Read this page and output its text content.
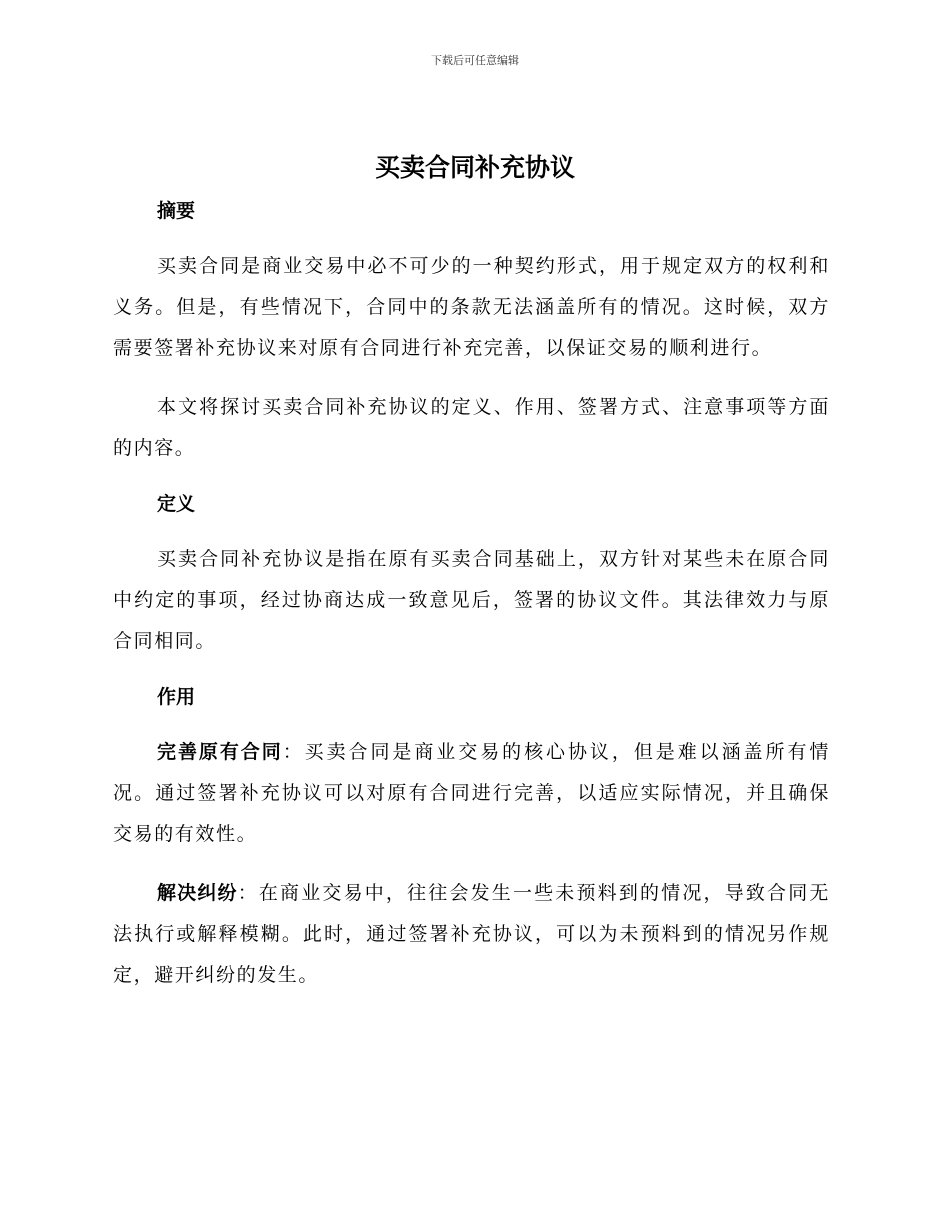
下载后可任意编辑
买卖合同补充协议
摘要
买卖合同是商业交易中必不可少的一种契约形式，用于规定双方的权利和义务。但是，有些情况下，合同中的条款无法涵盖所有的情况。这时候，双方需要签署补充协议来对原有合同进行补充完善，以保证交易的顺利进行。
本文将探讨买卖合同补充协议的定义、作用、签署方式、注意事项等方面的内容。
定义
买卖合同补充协议是指在原有买卖合同基础上，双方针对某些未在原合同中约定的事项，经过协商达成一致意见后，签署的协议文件。其法律效力与原合同相同。
作用
完善原有合同：买卖合同是商业交易的核心协议，但是难以涵盖所有情况。通过签署补充协议可以对原有合同进行完善，以适应实际情况，并且确保交易的有效性。
解决纠纷：在商业交易中，往往会发生一些未预料到的情况，导致合同无法执行或解释模糊。此时，通过签署补充协议，可以为未预料到的情况另作规定，避开纠纷的发生。
